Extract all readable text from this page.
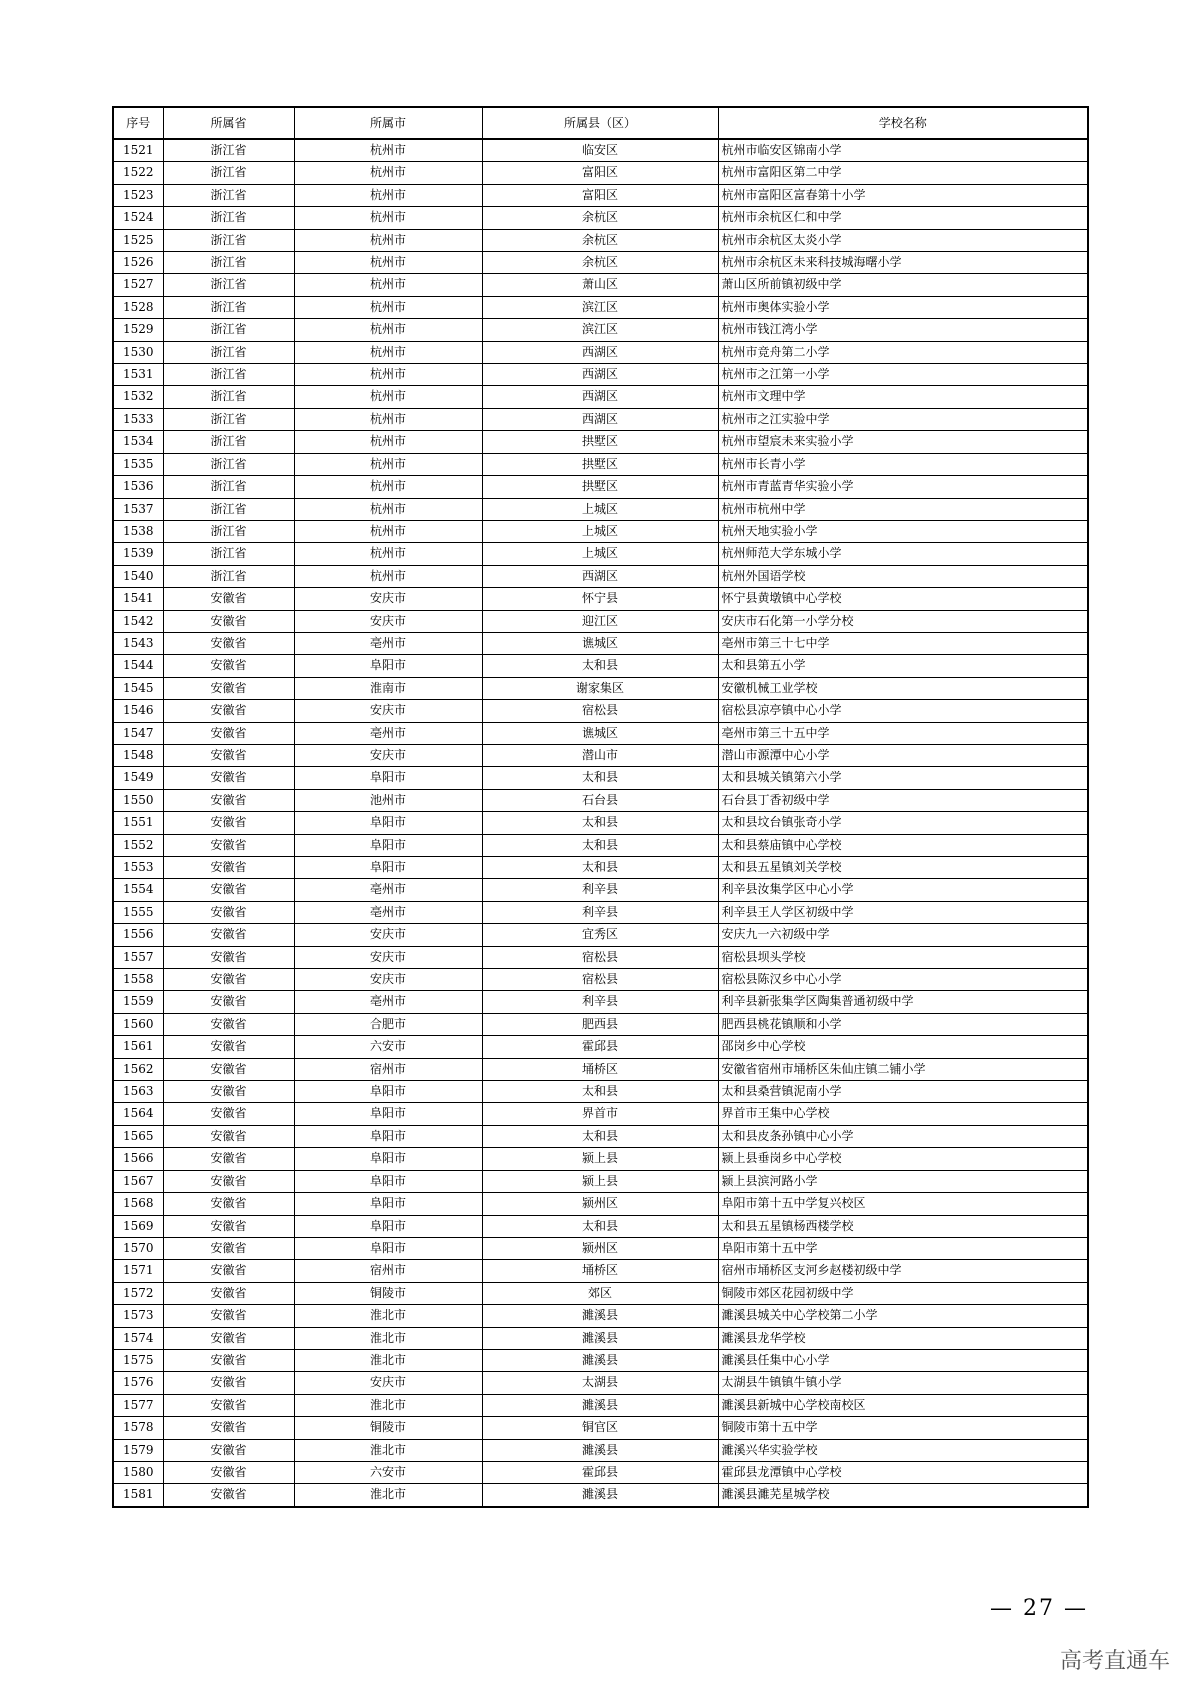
序号	所属省	所属市	所属县（区）	学校名称
1521	浙江省	杭州市	临安区	杭州市临安区锦南小学
1522	浙江省	杭州市	富阳区	杭州市富阳区第二中学
1523	浙江省	杭州市	富阳区	杭州市富阳区富春第十小学
1524	浙江省	杭州市	余杭区	杭州市余杭区仁和中学
1525	浙江省	杭州市	余杭区	杭州市余杭区太炎小学
1526	浙江省	杭州市	余杭区	杭州市余杭区未来科技城海曙小学
1527	浙江省	杭州市	萧山区	萧山区所前镇初级中学
1528	浙江省	杭州市	滨江区	杭州市奥体实验小学
1529	浙江省	杭州市	滨江区	杭州市钱江湾小学
1530	浙江省	杭州市	西湖区	杭州市竞舟第二小学
1531	浙江省	杭州市	西湖区	杭州市之江第一小学
1532	浙江省	杭州市	西湖区	杭州市文理中学
1533	浙江省	杭州市	西湖区	杭州市之江实验中学
1534	浙江省	杭州市	拱墅区	杭州市望宸未来实验小学
1535	浙江省	杭州市	拱墅区	杭州市长青小学
1536	浙江省	杭州市	拱墅区	杭州市青蓝青华实验小学
1537	浙江省	杭州市	上城区	杭州市杭州中学
1538	浙江省	杭州市	上城区	杭州天地实验小学
1539	浙江省	杭州市	上城区	杭州师范大学东城小学
1540	浙江省	杭州市	西湖区	杭州外国语学校
1541	安徽省	安庆市	怀宁县	怀宁县黄墩镇中心学校
1542	安徽省	安庆市	迎江区	安庆市石化第一小学分校
1543	安徽省	亳州市	谯城区	亳州市第三十七中学
1544	安徽省	阜阳市	太和县	太和县第五小学
1545	安徽省	淮南市	谢家集区	安徽机械工业学校
1546	安徽省	安庆市	宿松县	宿松县凉亭镇中心小学
1547	安徽省	亳州市	谯城区	亳州市第三十五中学
1548	安徽省	安庆市	潜山市	潜山市源潭中心小学
1549	安徽省	阜阳市	太和县	太和县城关镇第六小学
1550	安徽省	池州市	石台县	石台县丁香初级中学
1551	安徽省	阜阳市	太和县	太和县坟台镇张奇小学
1552	安徽省	阜阳市	太和县	太和县蔡庙镇中心学校
1553	安徽省	阜阳市	太和县	太和县五星镇刘关学校
1554	安徽省	亳州市	利辛县	利辛县汝集学区中心小学
1555	安徽省	亳州市	利辛县	利辛县王人学区初级中学
1556	安徽省	安庆市	宜秀区	安庆九一六初级中学
1557	安徽省	安庆市	宿松县	宿松县坝头学校
1558	安徽省	安庆市	宿松县	宿松县陈汉乡中心小学
1559	安徽省	亳州市	利辛县	利辛县新张集学区陶集普通初级中学
1560	安徽省	合肥市	肥西县	肥西县桃花镇顺和小学
1561	安徽省	六安市	霍邱县	邵岗乡中心学校
1562	安徽省	宿州市	埇桥区	安徽省宿州市埇桥区朱仙庄镇二铺小学
1563	安徽省	阜阳市	太和县	太和县桑营镇泥南小学
1564	安徽省	阜阳市	界首市	界首市王集中心学校
1565	安徽省	阜阳市	太和县	太和县皮条孙镇中心小学
1566	安徽省	阜阳市	颍上县	颍上县垂岗乡中心学校
1567	安徽省	阜阳市	颍上县	颍上县滨河路小学
1568	安徽省	阜阳市	颍州区	阜阳市第十五中学复兴校区
1569	安徽省	阜阳市	太和县	太和县五星镇杨西楼学校
1570	安徽省	阜阳市	颍州区	阜阳市第十五中学
1571	安徽省	宿州市	埇桥区	宿州市埇桥区支河乡赵楼初级中学
1572	安徽省	铜陵市	郊区	铜陵市郊区花园初级中学
1573	安徽省	淮北市	濉溪县	濉溪县城关中心学校第二小学
1574	安徽省	淮北市	濉溪县	濉溪县龙华学校
1575	安徽省	淮北市	濉溪县	濉溪县任集中心小学
1576	安徽省	安庆市	太湖县	太湖县牛镇镇牛镇小学
1577	安徽省	淮北市	濉溪县	濉溪县新城中心学校南校区
1578	安徽省	铜陵市	铜官区	铜陵市第十五中学
1579	安徽省	淮北市	濉溪县	濉溪兴华实验学校
1580	安徽省	六安市	霍邱县	霍邱县龙潭镇中心学校
1581	安徽省	淮北市	濉溪县	濉溪县濉芜星城学校
— 27 —
高考直通车
